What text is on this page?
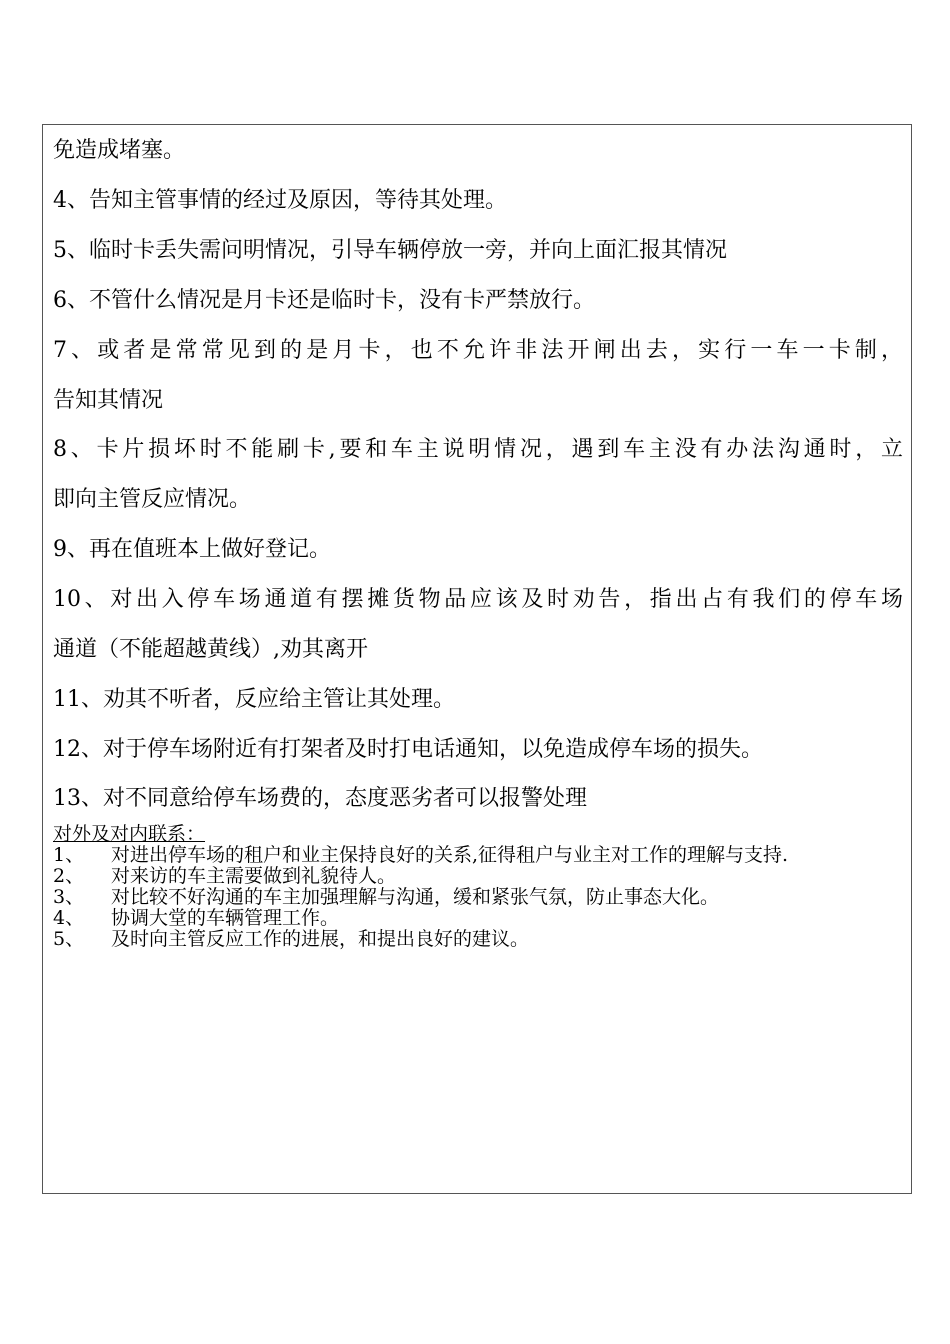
免造成堵塞。
4、告知主管事情的经过及原因，等待其处理。
5、临时卡丢失需问明情况，引导车辆停放一旁，并向上面汇报其情况
6、不管什么情况是月卡还是临时卡，没有卡严禁放行。
7、或者是常常见到的是月卡，也不允许非法开闸出去，实行一车一卡制，
告知其情况
8、卡片损坏时不能刷卡,要和车主说明情况，遇到车主没有办法沟通时，立
即向主管反应情况。
9、再在值班本上做好登记。
10、对出入停车场通道有摆摊货物品应该及时劝告，指出占有我们的停车场
通道（不能超越黄线）,劝其离开
11、劝其不听者，反应给主管让其处理。
12、对于停车场附近有打架者及时打电话通知，以免造成停车场的损失。
13、对不同意给停车场费的，态度恶劣者可以报警处理
对外及对内联系：
1、	对进出停车场的租户和业主保持良好的关系,征得租户与业主对工作的理解与支持.
2、	对来访的车主需要做到礼貌待人。
3、	对比较不好沟通的车主加强理解与沟通，缓和紧张气氛，防止事态大化。
4、	协调大堂的车辆管理工作。
5、	及时向主管反应工作的进展，和提出良好的建议。
